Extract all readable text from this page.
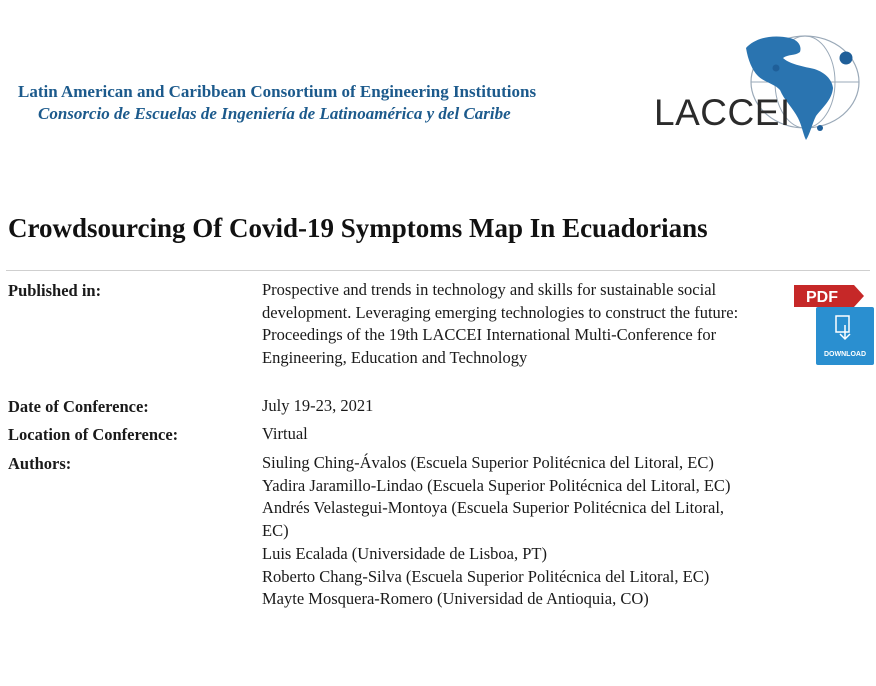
Latin American and Caribbean Consortium of Engineering Institutions
Consorcio de Escuelas de Ingeniería de Latinoamérica y del Caribe	LACCEI
Crowdsourcing Of Covid-19 Symptoms Map In Ecuadorians
Published in:	Prospective and trends in technology and skills for sustainable social development. Leveraging emerging technologies to construct the future: Proceedings of the 19th LACCEI International Multi-Conference for Engineering, Education and Technology
Date of Conference:	July 19-23, 2021
Location of Conference:	Virtual
Authors:	Siuling Ching-Ávalos (Escuela Superior Politécnica del Litoral, EC)
Yadira Jaramillo-Lindao (Escuela Superior Politécnica del Litoral, EC)
Andrés Velastegui-Montoya (Escuela Superior Politécnica del Litoral, EC)
Luis Ecalada (Universidade de Lisboa, PT)
Roberto Chang-Silva (Escuela Superior Politécnica del Litoral, EC)
Mayte Mosquera-Romero (Universidad de Antioquia, CO)
PDF
DOWNLOAD
